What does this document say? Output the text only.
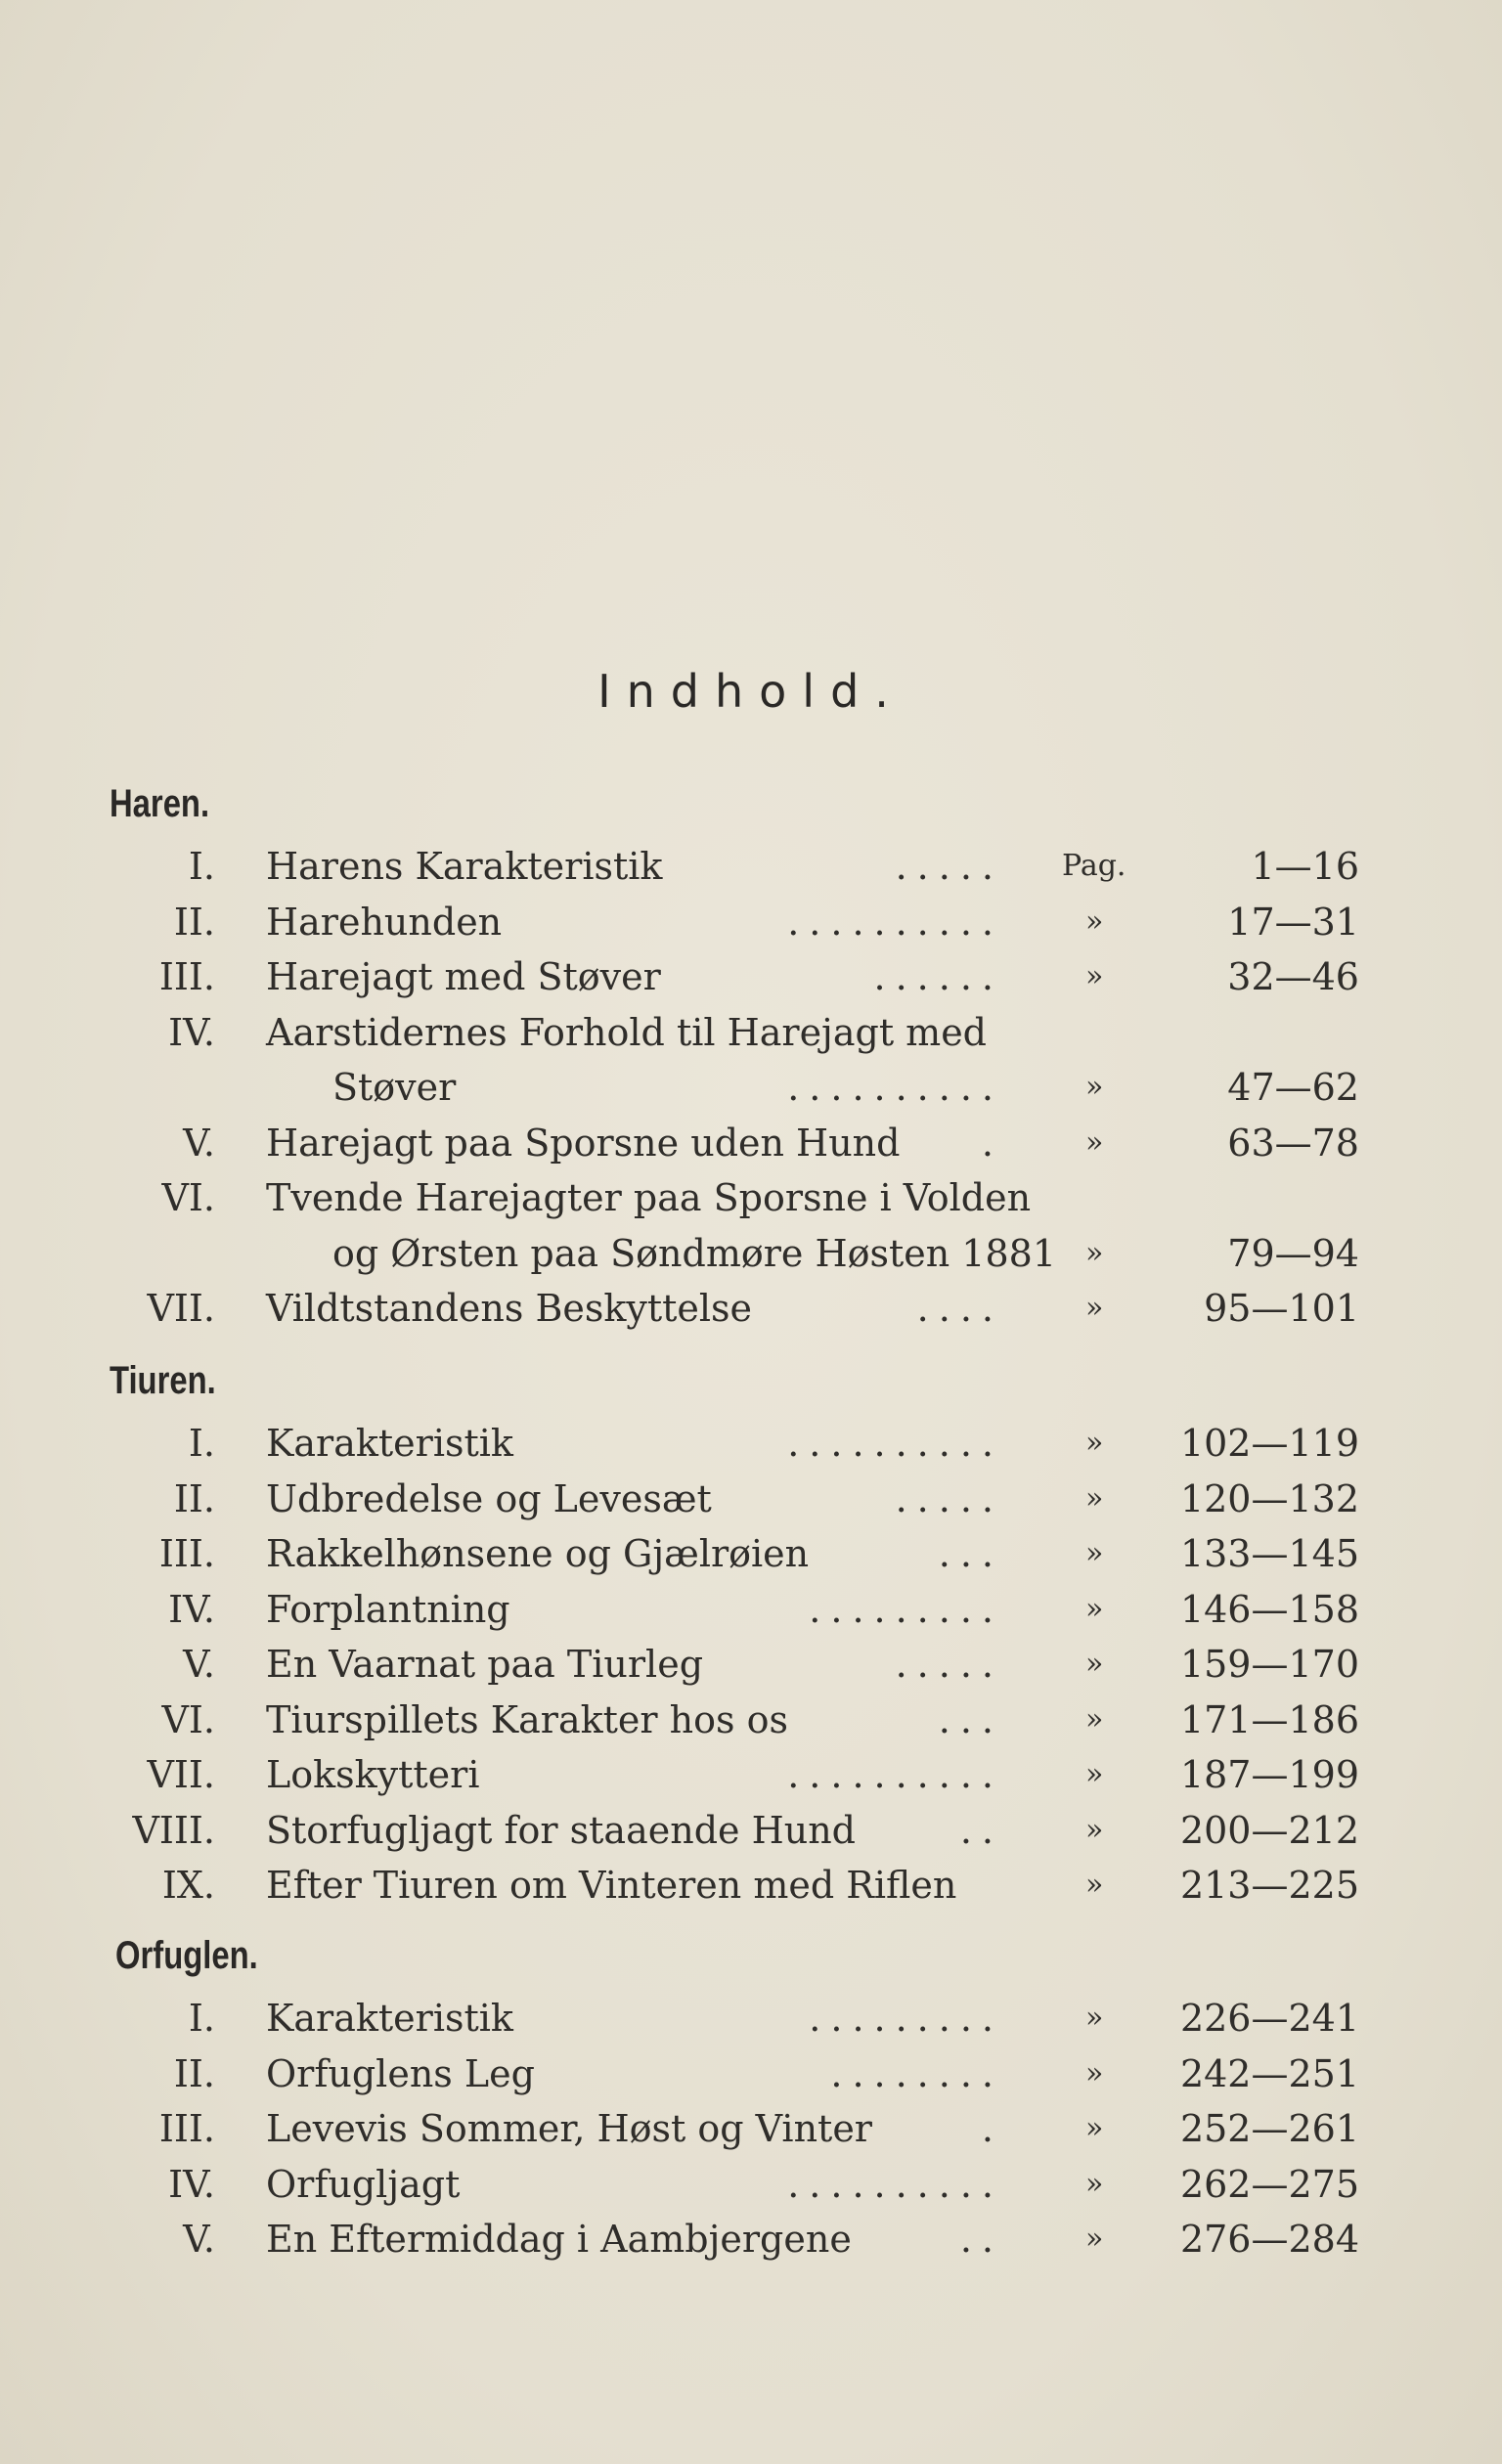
Indhold.
Haren.
I. Harens Karakteristik	..... Pag.	1—16
II. Harehunden	..........	»	17—31
III. Harejagt med Støver	......	»	32—46
IV. Aarstidernes Forhold til Harejagt med
Støver	..........	»	47—62
V. Harejagt paa Sporsne uden Hund .	»	63—78
VI. Tvende Harejagter paa Sporsne i Volden
og Ørsten paa Søndmøre Høsten 1881 »	79—94
VII. Vildtstandens Beskyttelse	....	»	95—101
Tiuren.
I. Karakteristik	..........	»	102—119
II. Udbredelse og Levesæt	.....	»	120—132
III. Rakkelhønsene og Gjælrøien	...	»	133—145
IV. Forplantning	.........	»	146—158
V. En Vaarnat paa Tiurleg	.....	»	159—170
VI. Tiurspillets Karakter hos os	...	»	171—186
VII. Lokskytteri	..........	»	187—199
VIII. Storfugljagt for staaende Hund	..	»	200—212
IX. Efter Tiuren om Vinteren med Riflen	»	213—225
Orfuglen.
I. Karakteristik	.........	»	226—241
II. Orfuglens Leg	........	»	242—251
III. Levevis Sommer, Høst og Vinter	.	»	252—261
IV. Orfugljagt	..........	»	262—275
V. En Eftermiddag i Aambjergene	..	»	276—284
